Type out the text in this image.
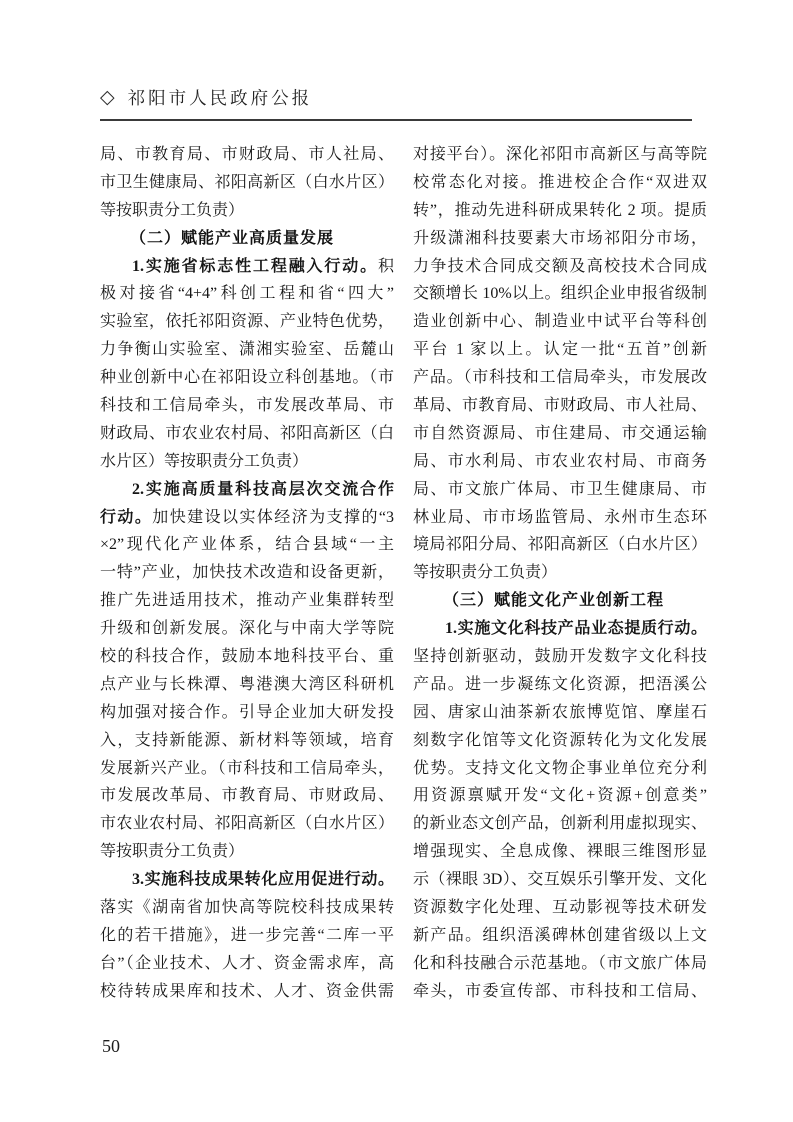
◇ 祁阳市人民政府公报
局、市教育局、市财政局、市人社局、
市卫生健康局、祁阳高新区（白水片区）
等按职责分工负责）
（二）赋能产业高质量发展
1.实施省标志性工程融入行动。积
极对接省“4+4”科创工程和省“四大”
实验室，依托祁阳资源、产业特色优势，
力争衡山实验室、潇湘实验室、岳麓山
种业创新中心在祁阳设立科创基地。（市
科技和工信局牵头，市发展改革局、市
财政局、市农业农村局、祁阳高新区（白
水片区）等按职责分工负责）
2.实施高质量科技高层次交流合作
行动。加快建设以实体经济为支撑的“3
×2”现代化产业体系，结合县域“一主
一特”产业，加快技术改造和设备更新，
推广先进适用技术，推动产业集群转型
升级和创新发展。深化与中南大学等院
校的科技合作，鼓励本地科技平台、重
点产业与长株潭、粤港澳大湾区科研机
构加强对接合作。引导企业加大研发投
入，支持新能源、新材料等领域，培育
发展新兴产业。（市科技和工信局牵头，
市发展改革局、市教育局、市财政局、
市农业农村局、祁阳高新区（白水片区）
等按职责分工负责）
3.实施科技成果转化应用促进行动。
落实《湖南省加快高等院校科技成果转
化的若干措施》，进一步完善“二库一平
台”（企业技术、人才、资金需求库，高
校待转成果库和技术、人才、资金供需
对接平台）。深化祁阳市高新区与高等院
校常态化对接。推进校企合作“双进双
转”，推动先进科研成果转化 2 项。提质
升级潇湘科技要素大市场祁阳分市场，
力争技术合同成交额及高校技术合同成
交额增长 10%以上。组织企业申报省级制
造业创新中心、制造业中试平台等科创
平台 1 家以上。认定一批“五首”创新
产品。（市科技和工信局牵头，市发展改
革局、市教育局、市财政局、市人社局、
市自然资源局、市住建局、市交通运输
局、市水利局、市农业农村局、市商务
局、市文旅广体局、市卫生健康局、市
林业局、市市场监管局、永州市生态环
境局祁阳分局、祁阳高新区（白水片区）
等按职责分工负责）
（三）赋能文化产业创新工程
1.实施文化科技产品业态提质行动。
坚持创新驱动，鼓励开发数字文化科技
产品。进一步凝练文化资源，把浯溪公
园、唐家山油茶新农旅博览馆、摩崖石
刻数字化馆等文化资源转化为文化发展
优势。支持文化文物企事业单位充分利
用资源禀赋开发“文化+资源+创意类”
的新业态文创产品，创新利用虚拟现实、
增强现实、全息成像、裸眼三维图形显
示（裸眼 3D）、交互娱乐引擎开发、文化
资源数字化处理、互动影视等技术研发
新产品。组织浯溪碑林创建省级以上文
化和科技融合示范基地。（市文旅广体局
牵头，市委宣传部、市科技和工信局、
50
